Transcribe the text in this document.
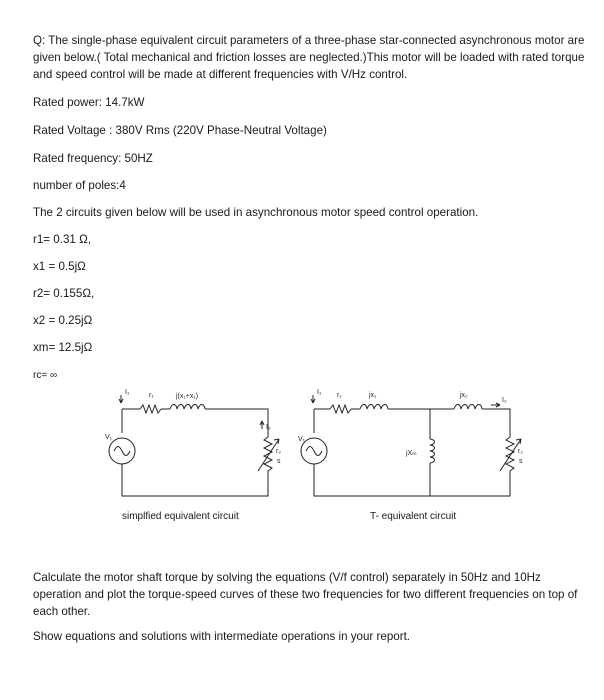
Q: The single-phase equivalent circuit parameters of a three-phase star-connected asynchronous motor are given below.( Total mechanical and friction losses are neglected.)This motor will be loaded with rated torque and speed control will be made at different frequencies with V/Hz control.

Rated power: 14.7kW

Rated Voltage : 380V Rms (220V Phase-Neutral Voltage)

Rated frequency: 50HZ

number of poles:4

The 2 circuits given below will be used in asynchronous motor speed control operation.

r1= 0.31 Ω,

x1 = 0.5jΩ

r2= 0.155Ω,

x2 = 0.25jΩ

xm= 12.5jΩ

rc= ∞

I₁	r₁	j(x₁+x₁)
V₁
I₂
r₂
s
I₁ r₁	jx₁	jx₂
V₁
I₂
jXₘ	r₂
s

simplfied equivalent circuit	T- equivalent circuit

Calculate the motor shaft torque by solving the equations (V/f control) separately in 50Hz and 10Hz operation and plot the torque-speed curves of these two frequencies for two different frequencies on top of each other.

Show equations and solutions with intermediate operations in your report.
